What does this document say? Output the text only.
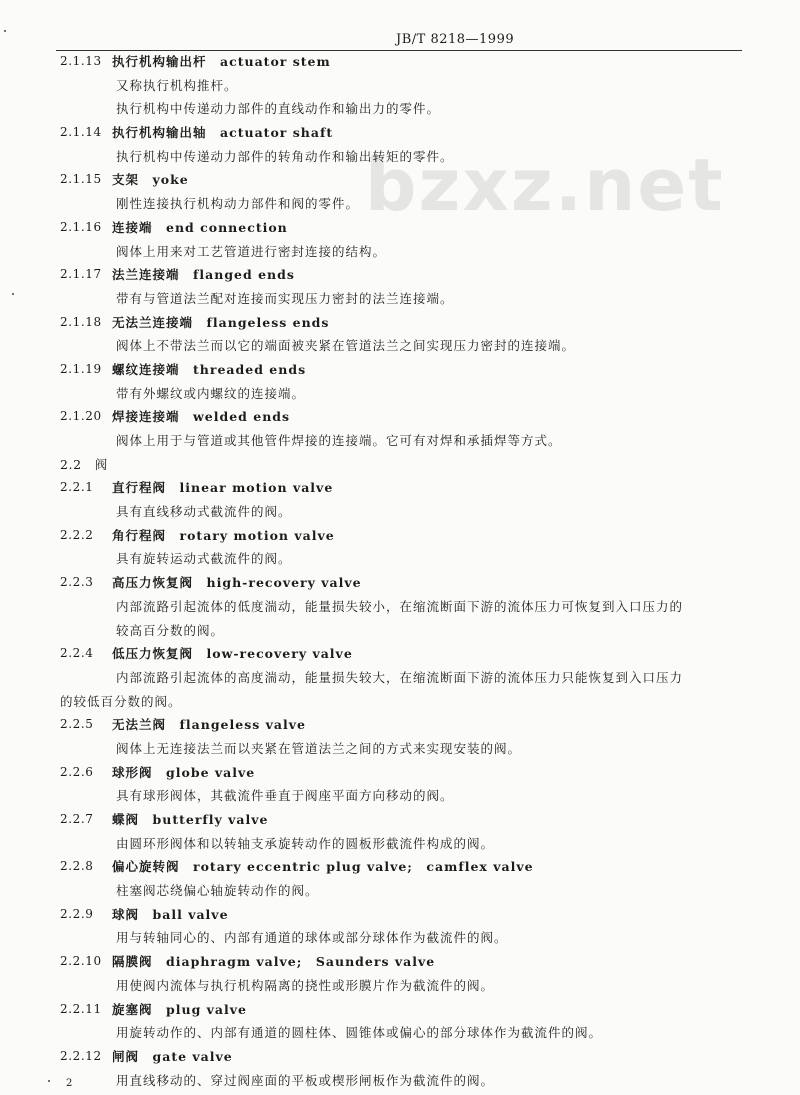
JB/T 8218—1999
bzxz.net
2.1.13 执行机构输出杆　actuator stem
又称执行机构推杆。
执行机构中传递动力部件的直线动作和输出力的零件。
2.1.14 执行机构输出轴　actuator shaft
执行机构中传递动力部件的转角动作和输出转矩的零件。
2.1.15 支架　yoke
刚性连接执行机构动力部件和阀的零件。
2.1.16 连接端　end connection
阀体上用来对工艺管道进行密封连接的结构。
2.1.17 法兰连接端　flanged ends
带有与管道法兰配对连接而实现压力密封的法兰连接端。
2.1.18 无法兰连接端　flangeless ends
阀体上不带法兰而以它的端面被夹紧在管道法兰之间实现压力密封的连接端。
2.1.19 螺纹连接端　threaded ends
带有外螺纹或内螺纹的连接端。
2.1.20 焊接连接端　welded ends
阀体上用于与管道或其他管件焊接的连接端。它可有对焊和承插焊等方式。
2.2　阀
2.2.1 直行程阀　linear motion valve
具有直线移动式截流件的阀。
2.2.2 角行程阀　rotary motion valve
具有旋转运动式截流件的阀。
2.2.3 高压力恢复阀　high-recovery valve
内部流路引起流体的低度湍动，能量损失较小，在缩流断面下游的流体压力可恢复到入口压力的
较高百分数的阀。
2.2.4 低压力恢复阀　low-recovery valve
内部流路引起流体的高度湍动，能量损失较大，在缩流断面下游的流体压力只能恢复到入口压力
的较低百分数的阀。
2.2.5 无法兰阀　flangeless valve
阀体上无连接法兰而以夹紧在管道法兰之间的方式来实现安装的阀。
2.2.6 球形阀　globe valve
具有球形阀体，其截流件垂直于阀座平面方向移动的阀。
2.2.7 蝶阀　butterfly valve
由圆环形阀体和以转轴支承旋转动作的圆板形截流件构成的阀。
2.2.8 偏心旋转阀　rotary eccentric plug valve;　camflex valve
柱塞阀芯绕偏心轴旋转动作的阀。
2.2.9 球阀　ball valve
用与转轴同心的、内部有通道的球体或部分球体作为截流件的阀。
2.2.10 隔膜阀　diaphragm valve;　Saunders valve
用使阀内流体与执行机构隔离的挠性或形膜片作为截流件的阀。
2.2.11 旋塞阀　plug valve
用旋转动作的、内部有通道的圆柱体、圆锥体或偏心的部分球体作为截流件的阀。
2.2.12 闸阀　gate valve
用直线移动的、穿过阀座面的平板或楔形闸板作为截流件的阀。
2
